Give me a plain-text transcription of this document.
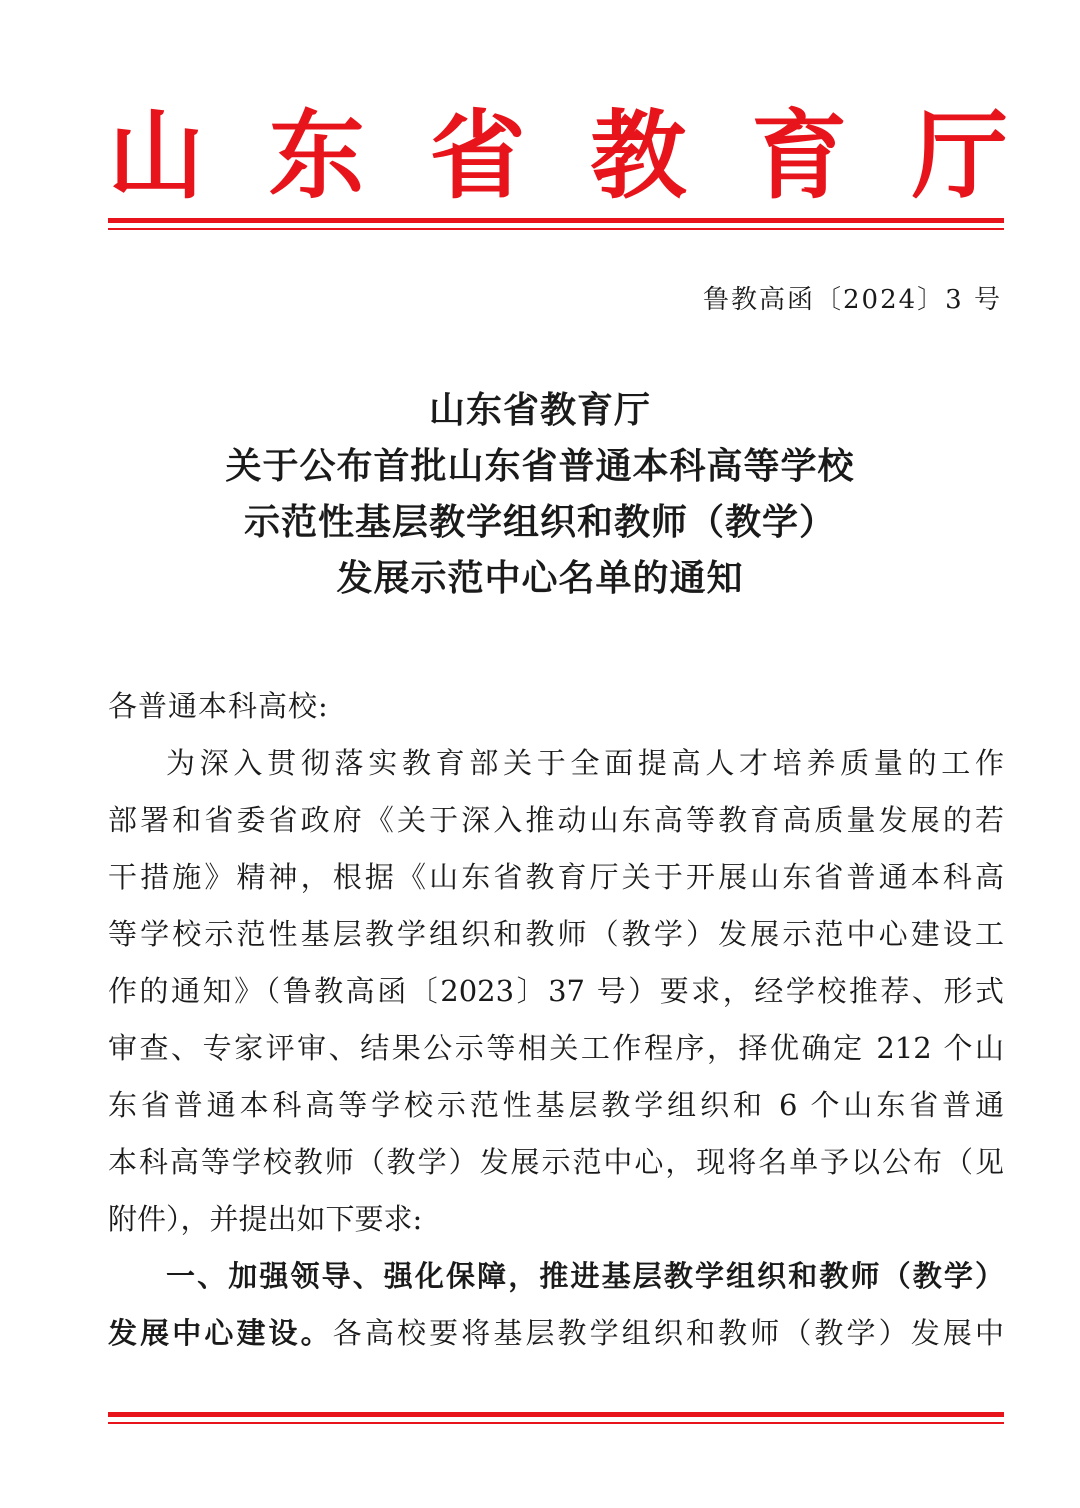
山 东 省 教 育 厅
鲁教高函〔2024〕3 号
山东省教育厅
关于公布首批山东省普通本科高等学校
示范性基层教学组织和教师（教学）
发展示范中心名单的通知
各普通本科高校:
为深入贯彻落实教育部关于全面提高人才培养质量的工作
部署和省委省政府《关于深入推动山东高等教育高质量发展的若
干措施》精神，根据《山东省教育厅关于开展山东省普通本科高
等学校示范性基层教学组织和教师（教学）发展示范中心建设工
作的通知》（鲁教高函〔2023〕37 号）要求，经学校推荐、形式
审查、专家评审、结果公示等相关工作程序，择优确定 212 个山
东省普通本科高等学校示范性基层教学组织和 6 个山东省普通
本科高等学校教师（教学）发展示范中心，现将名单予以公布（见
附件），并提出如下要求:
一、加强领导、强化保障，推进基层教学组织和教师（教学）
发展中心建设。各高校要将基层教学组织和教师（教学）发展中
